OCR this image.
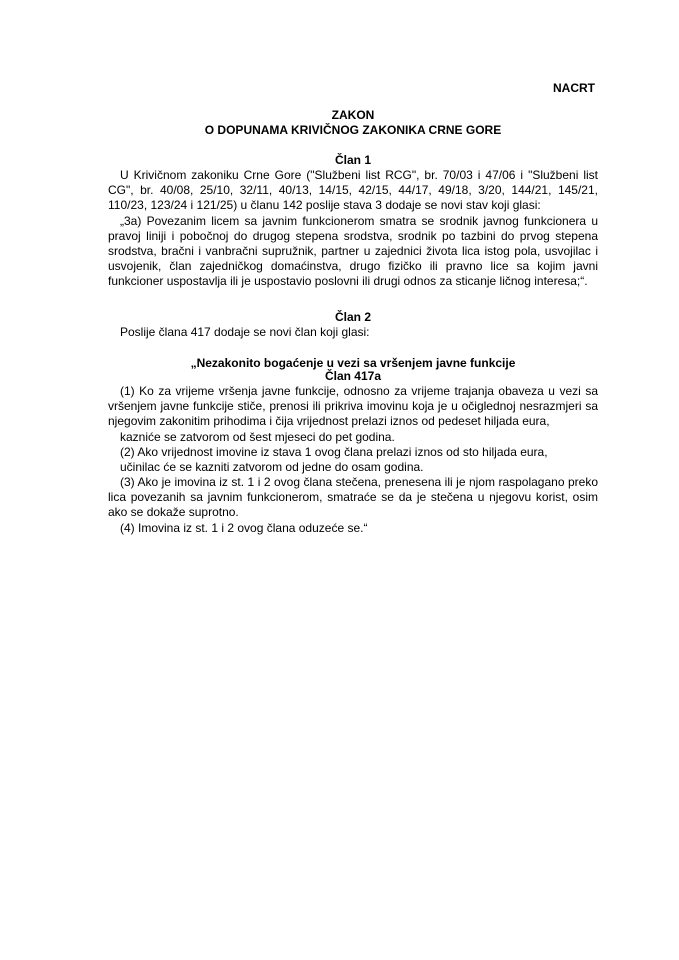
NACRT
ZAKON
O DOPUNAMA KRIVIČNOG ZAKONIKA CRNE GORE
Član 1

U Krivičnom zakoniku Crne Gore ("Službeni list RCG", br. 70/03 i 47/06 i "Službeni list CG", br. 40/08, 25/10, 32/11, 40/13, 14/15, 42/15, 44/17, 49/18, 3/20, 144/21, 145/21, 110/23, 123/24 i 121/25) u članu 142 poslije stava 3 dodaje se novi stav koji glasi:

„3a) Povezanim licem sa javnim funkcionerom smatra se srodnik javnog funkcionera u pravoj liniji i pobočnoj do drugog stepena srodstva, srodnik po tazbini do prvog stepena srodstva, bračni i vanbračni supružnik, partner u zajednici života lica istog pola, usvojilac i usvojenik, član zajedničkog domaćinstva, drugo fizičko ili pravno lice sa kojim javni funkcioner uspostavlja ili je uspostavio poslovni ili drugi odnos za sticanje ličnog interesa;“.

Član 2

Poslije člana 417 dodaje se novi član koji glasi:

„Nezakonito bogaćenje u vezi sa vršenjem javne funkcije
Član 417a

(1) Ko za vrijeme vršenja javne funkcije, odnosno za vrijeme trajanja obaveza u vezi sa vršenjem javne funkcije stiče, prenosi ili prikriva imovinu koja je u očiglednoj nesrazmjeri sa njegovim zakonitim prihodima i čija vrijednost prelazi iznos od pedeset hiljada eura,

kazniće se zatvorom od šest mjeseci do pet godina.

(2) Ako vrijednost imovine iz stava 1 ovog člana prelazi iznos od sto hiljada eura,

učinilac će se kazniti zatvorom od jedne do osam godina.

(3) Ako je imovina iz st. 1 i 2 ovog člana stečena, prenesena ili je njom raspolagano preko lica povezanih sa javnim funkcionerom, smatraće se da je stečena u njegovu korist, osim ako se dokaže suprotno.

(4) Imovina iz st. 1 i 2 ovog člana oduzeće se.“
